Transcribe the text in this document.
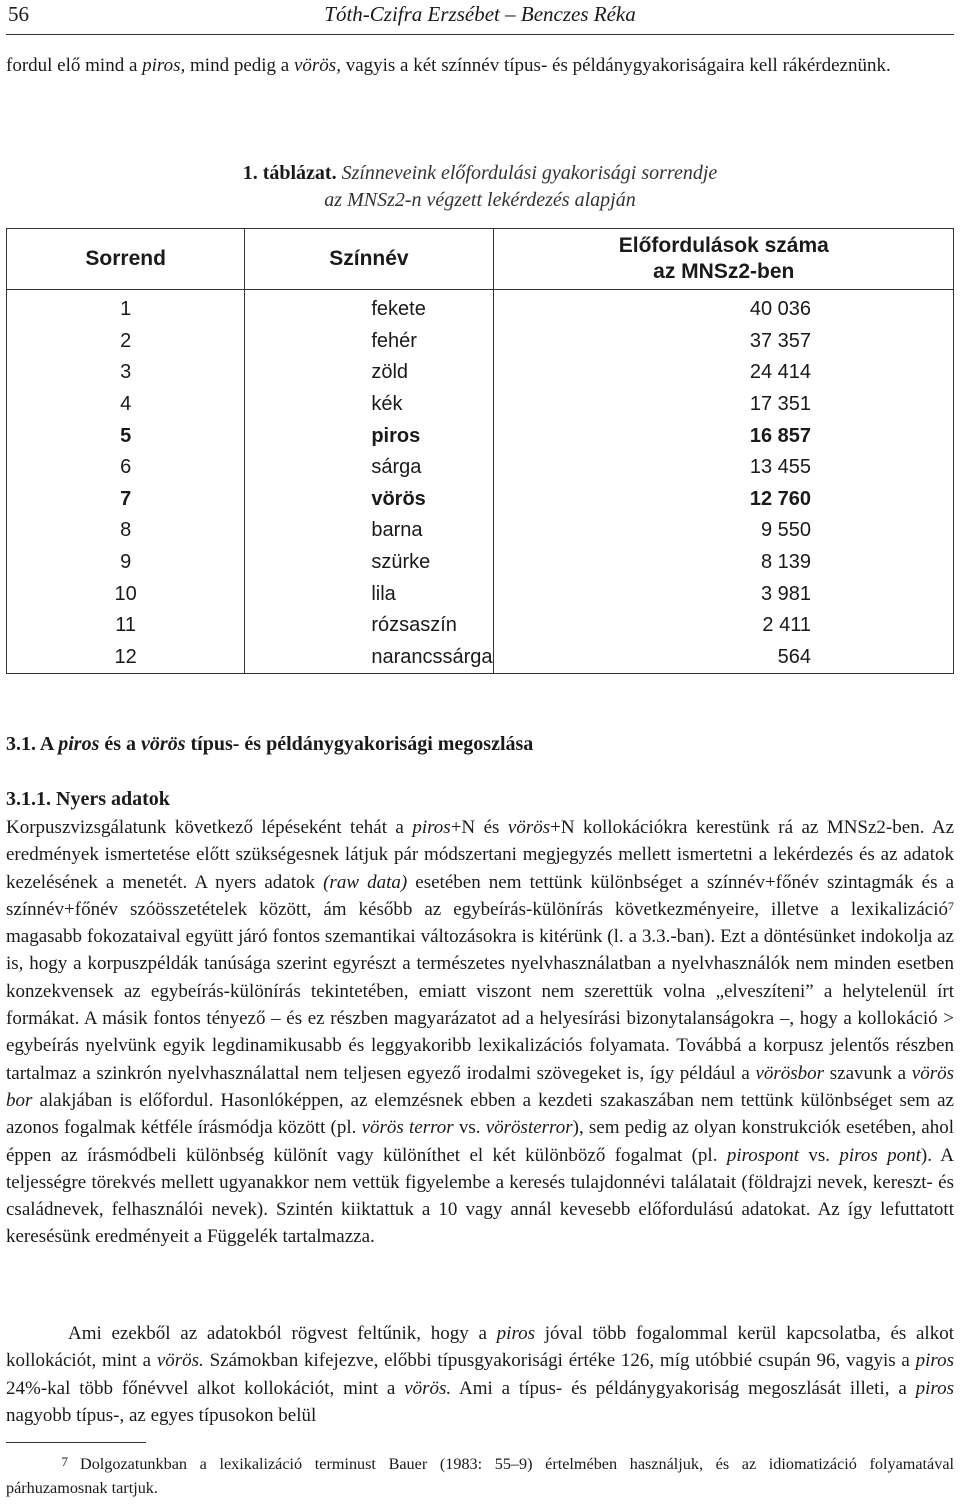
56	Tóth-Czifra Erzsébet – Benczes Réka

fordul elő mind a piros, mind pedig a vörös, vagyis a két színnév típus- és példánygyakoriságaira kell rákérdeznünk.

1. táblázat. Színneveink előfordulási gyakorisági sorrendje
az MNSz2-n végzett lekérdezés alapján
Sorrend	Színnév	Előfordulások száma
az MNSz2-ben
1	fekete	40 036
2	fehér	37 357
3	zöld	24 414
4	kék	17 351
5	piros	16 857
6	sárga	13 455
7	vörös	12 760
8	barna	9 550
9	szürke	8 139
10	lila	3 981
11	rózsaszín	2 411
12	narancssárga	564
3.1. A piros és a vörös típus- és példánygyakorisági megoszlása
3.1.1. Nyers adatok

Korpuszvizsgálatunk következő lépéseként tehát a piros+N és vörös+N kollokációkra kerestünk rá az MNSz2-ben. Az eredmények ismertetése előtt szükségesnek látjuk pár módszertani megjegyzés mellett ismertetni a lekérdezés és az adatok kezelésének a menetét. A nyers adatok (raw data) esetében nem tettünk különbséget a színnév+főnév szintagmák és a színnév+főnév szóösszetételek között, ám később az egybeírás-különírás következményeire, illetve a lexikalizáció$^7$ magasabb fokozataival együtt járó fontos szemantikai változásokra is kitérünk (l. a 3.3.-ban). Ezt a döntésünket indokolja az is, hogy a korpuszpéldák tanúsága szerint egyrészt a természetes nyelvhasználatban a nyelvhasználók nem minden esetben konzekvensek az egybeírás-különírás tekintetében, emiatt viszont nem szerettük volna „elveszíteni” a helytelenül írt formákat. A másik fontos tényező – és ez részben magyarázatot ad a helyesírási bizonytalanságokra –, hogy a kollokáció > egybeírás nyelvünk egyik legdinamikusabb és leggyakoribb lexikalizációs folyamata. Továbbá a korpusz jelentős részben tartalmaz a szinkrón nyelvhasználattal nem teljesen egyező irodalmi szövegeket is, így például a vörösbor szavunk a vörös bor alakjában is előfordul. Hasonlóképpen, az elemzésnek ebben a kezdeti szakaszában nem tettünk különbséget sem az azonos fogalmak kétféle írásmódja között (pl. vörös terror vs. vörösterror), sem pedig az olyan konstrukciók esetében, ahol éppen az írásmódbeli különbség különít vagy különíthet el két különböző fogalmat (pl. pirospont vs. piros pont). A teljességre törekvés mellett ugyanakkor nem vettük figyelembe a keresés tulajdonnévi találatait (földrajzi nevek, kereszt- és családnevek, felhasználói nevek). Szintén kiiktattuk a 10 vagy annál kevesebb előfordulású adatokat. Az így lefuttatott keresésünk eredményeit a Függelék tartalmazza.

Ami ezekből az adatokból rögvest feltűnik, hogy a piros jóval több fogalommal kerül kapcsolatba, és alkot kollokációt, mint a vörös. Számokban kifejezve, előbbi típusgyakorisági értéke 126, míg utóbbié csupán 96, vagyis a piros 24%-kal több főnévvel alkot kollokációt, mint a vörös. Ami a típus- és példánygyakoriság megoszlását illeti, a piros nagyobb típus-, az egyes típusokon belül

7 Dolgozatunkban a lexikalizáció terminust Bauer (1983: 55–9) értelmében használjuk, és az idiomatizáció folyamatával párhuzamosnak tartjuk.
